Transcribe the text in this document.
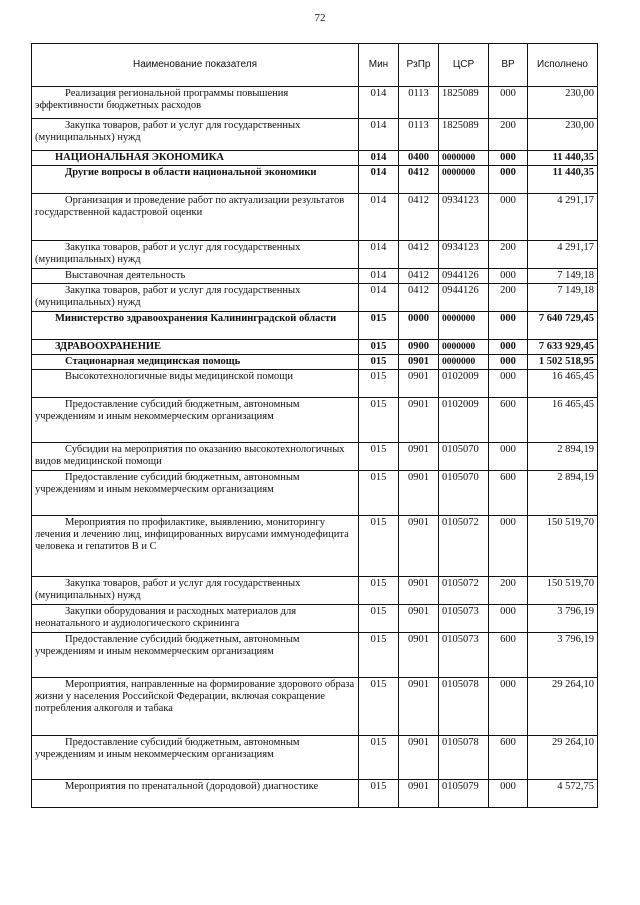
72
Наименование показателя	Мин	РзПр	ЦСР	ВР	Исполнено

Реализация региональной программы повышения эффективности бюджетных расходов	014	0113	1825089	000	230,00

Закупка товаров, работ и услуг для государственных (муниципальных) нужд	014	0113	1825089	200	230,00

НАЦИОНАЛЬНАЯ ЭКОНОМИКА	014	0400	0000000	000	11 440,35

Другие вопросы в области национальной экономики	014	0412	0000000	000	11 440,35

Организация и проведение работ по актуализации результатов государственной кадастровой оценки	014	0412	0934123	000	4 291,17

Закупка товаров, работ и услуг для государственных (муниципальных) нужд	014	0412	0934123	200	4 291,17

Выставочная деятельность	014	0412	0944126	000	7 149,18

Закупка товаров, работ и услуг для государственных (муниципальных) нужд	014	0412	0944126	200	7 149,18

Министерство здравоохранения Калининградской области	015	0000	0000000	000	7 640 729,45

ЗДРАВООХРАНЕНИЕ	015	0900	0000000	000	7 633 929,45

Стационарная медицинская помощь	015	0901	0000000	000	1 502 518,95

Высокотехнологичные виды медицинской помощи	015	0901	0102009	000	16 465,45

Предоставление субсидий бюджетным, автономным учреждениям и иным некоммерческим организациям	015	0901	0102009	600	16 465,45

Субсидии на мероприятия по оказанию высокотехнологичных видов медицинской помощи	015	0901	0105070	000	2 894,19

Предоставление субсидий бюджетным, автономным учреждениям и иным некоммерческим организациям	015	0901	0105070	600	2 894,19

Мероприятия по профилактике, выявлению, мониторингу лечения и лечению лиц, инфицированных вирусами иммунодефицита человека и гепатитов В и С	015	0901	0105072	000	150 519,70

Закупка товаров, работ и услуг для государственных (муниципальных) нужд	015	0901	0105072	200	150 519,70

Закупки оборудования и расходных материалов для неонатального и аудиологического скрининга	015	0901	0105073	000	3 796,19

Предоставление субсидий бюджетным, автономным учреждениям и иным некоммерческим организациям	015	0901	0105073	600	3 796,19

Мероприятия, направленные на формирование здорового образа жизни у населения Российской Федерации, включая сокращение потребления алкоголя и табака	015	0901	0105078	000	29 264,10

Предоставление субсидий бюджетным, автономным учреждениям и иным некоммерческим организациям	015	0901	0105078	600	29 264,10

Мероприятия по пренатальной (дородовой) диагностике	015	0901	0105079	000	4 572,75
